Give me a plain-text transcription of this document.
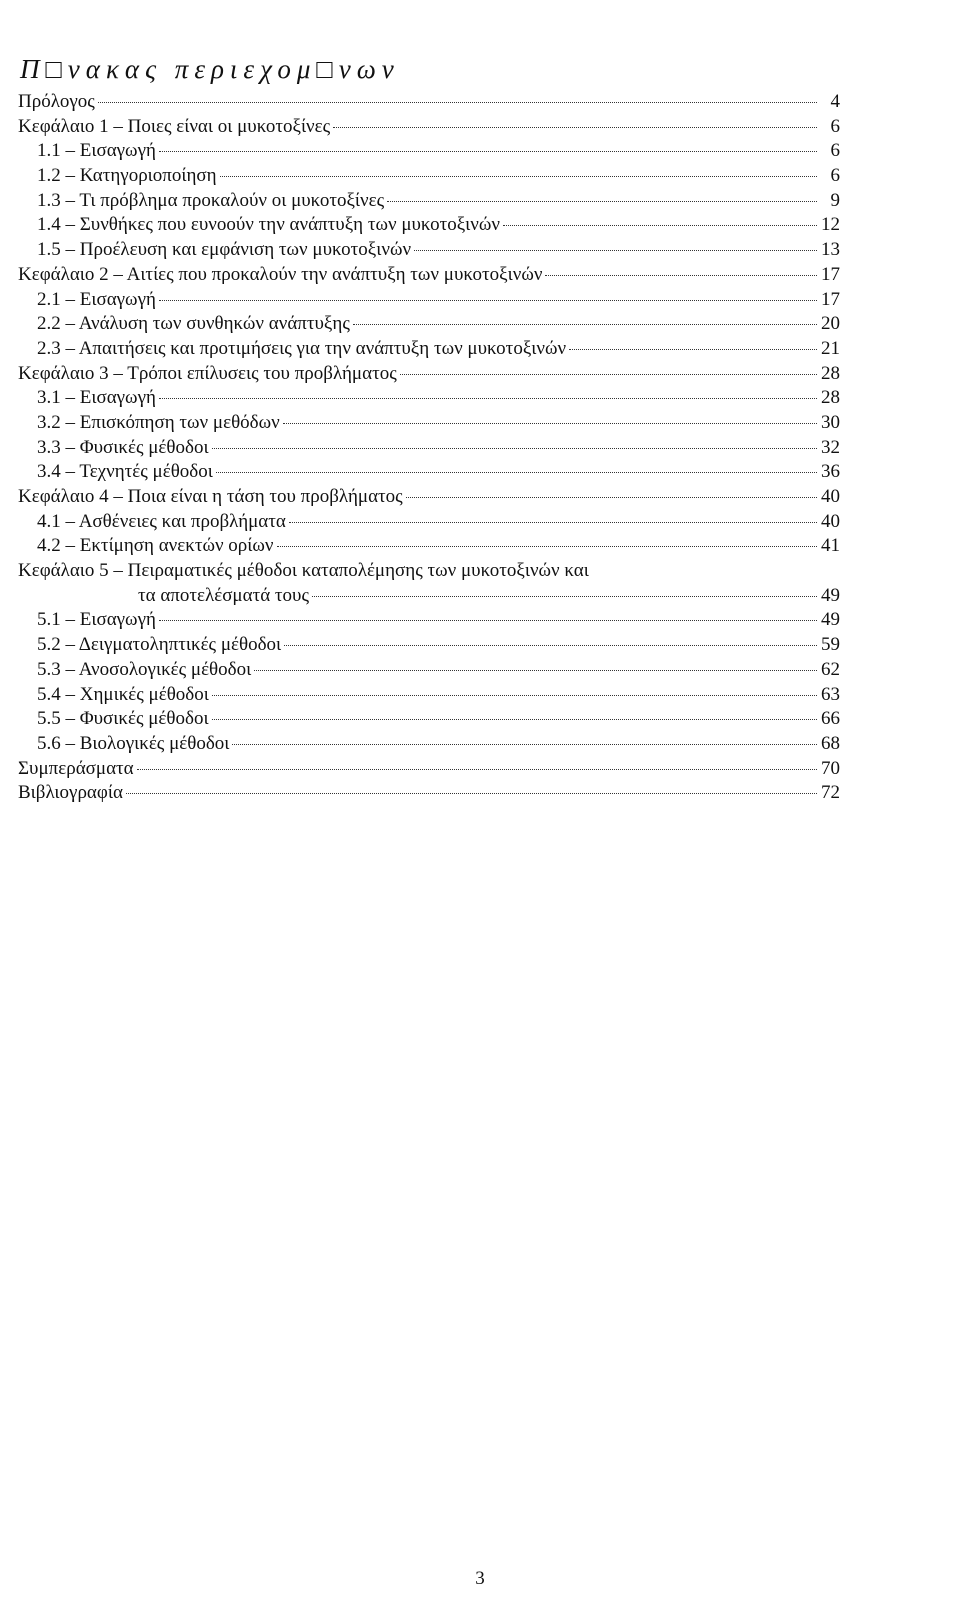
Π□νακας περιεχομ□νων
Πρόλογος	4
Κεφάλαιο 1 – Ποιες είναι οι μυκοτοξίνες	6
1.1 – Εισαγωγή	6
1.2 – Κατηγοριοποίηση	6
1.3 – Τι πρόβλημα προκαλούν οι μυκοτοξίνες	9
1.4 – Συνθήκες που ευνοούν την ανάπτυξη των μυκοτοξινών	12
1.5 – Προέλευση και εμφάνιση των μυκοτοξινών	13
Κεφάλαιο 2 – Αιτίες που προκαλούν την ανάπτυξη των μυκοτοξινών	17
2.1 – Εισαγωγή	17
2.2 – Ανάλυση των συνθηκών ανάπτυξης	20
2.3 – Απαιτήσεις και προτιμήσεις για την ανάπτυξη των μυκοτοξινών	21
Κεφάλαιο 3 – Τρόποι επίλυσεις του προβλήματος	28
3.1 – Εισαγωγή	28
3.2 – Επισκόπηση των μεθόδων	30
3.3 – Φυσικές μέθοδοι	32
3.4 – Τεχνητές μέθοδοι	36
Κεφάλαιο 4 – Ποια είναι η τάση του προβλήματος	40
4.1 – Ασθένειες και προβλήματα	40
4.2 – Εκτίμηση ανεκτών ορίων	41
Κεφάλαιο 5 – Πειραματικές μέθοδοι καταπολέμησης των μυκοτοξινών και
τα αποτελέσματά τους	49
5.1 – Εισαγωγή	49
5.2 – Δειγματοληπτικές μέθοδοι	59
5.3 – Ανοσολογικές μέθοδοι	62
5.4 – Χημικές μέθοδοι	63
5.5 – Φυσικές μέθοδοι	66
5.6 – Βιολογικές μέθοδοι	68
Συμπεράσματα	70
Βιβλιογραφία	72
3
